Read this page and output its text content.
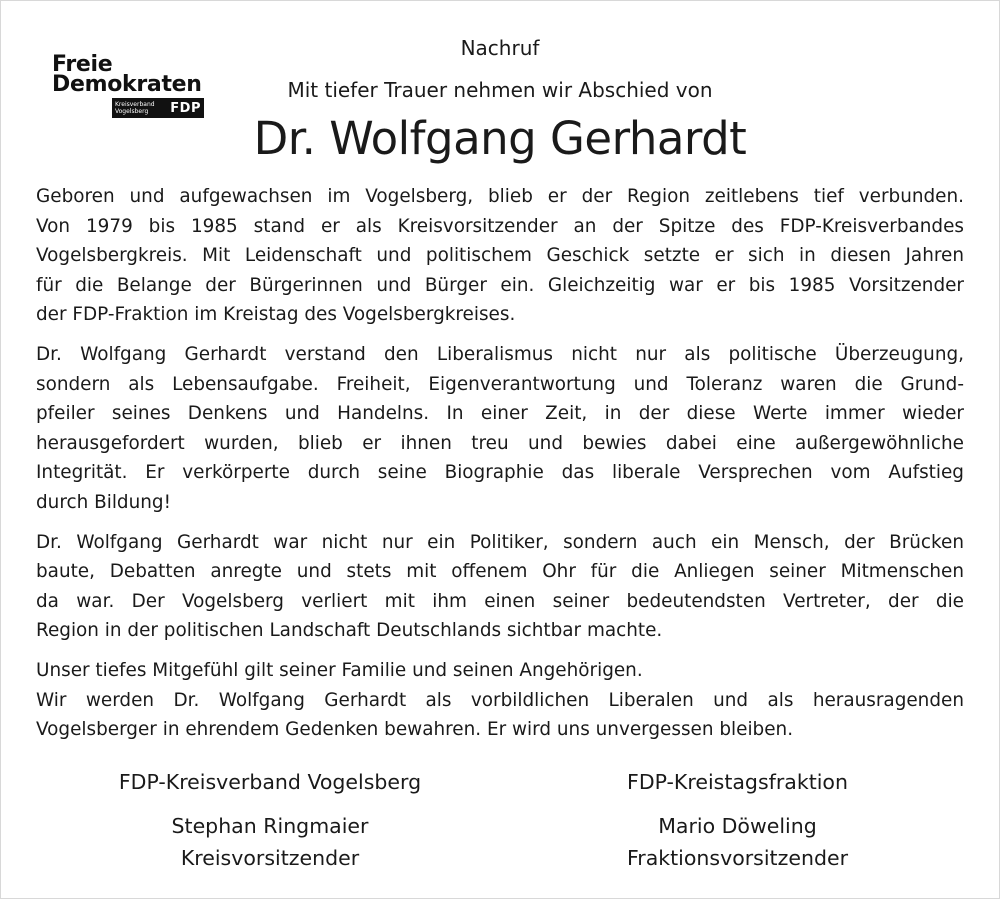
Freie
Demokraten
Kreisverband
Vogelsberg	FDP
Nachruf
Mit tiefer Trauer nehmen wir Abschied von
Dr. Wolfgang Gerhardt

Geboren und aufgewachsen im Vogelsberg, blieb er der Region zeitlebens tief verbunden.
Von 1979 bis 1985 stand er als Kreisvorsitzender an der Spitze des FDP-Kreisverbandes
Vogelsbergkreis. Mit Leidenschaft und politischem Geschick setzte er sich in diesen Jahren
für die Belange der Bürgerinnen und Bürger ein. Gleichzeitig war er bis 1985 Vorsitzender
der FDP-Fraktion im Kreistag des Vogelsbergkreises.

Dr. Wolfgang Gerhardt verstand den Liberalismus nicht nur als politische Überzeugung,
sondern als Lebensaufgabe. Freiheit, Eigenverantwortung und Toleranz waren die Grund-
pfeiler seines Denkens und Handelns. In einer Zeit, in der diese Werte immer wieder
herausgefordert wurden, blieb er ihnen treu und bewies dabei eine außergewöhnliche
Integrität. Er verkörperte durch seine Biographie das liberale Versprechen vom Aufstieg
durch Bildung!

Dr. Wolfgang Gerhardt war nicht nur ein Politiker, sondern auch ein Mensch, der Brücken
baute, Debatten anregte und stets mit offenem Ohr für die Anliegen seiner Mitmenschen
da war. Der Vogelsberg verliert mit ihm einen seiner bedeutendsten Vertreter, der die
Region in der politischen Landschaft Deutschlands sichtbar machte.

Unser tiefes Mitgefühl gilt seiner Familie und seinen Angehörigen.
Wir werden Dr. Wolfgang Gerhardt als vorbildlichen Liberalen und als herausragenden
Vogelsberger in ehrendem Gedenken bewahren. Er wird uns unvergessen bleiben.

FDP-Kreisverband Vogelsberg
Stephan Ringmaier
Kreisvorsitzender
FDP-Kreistagsfraktion
Mario Döweling
Fraktionsvorsitzender
